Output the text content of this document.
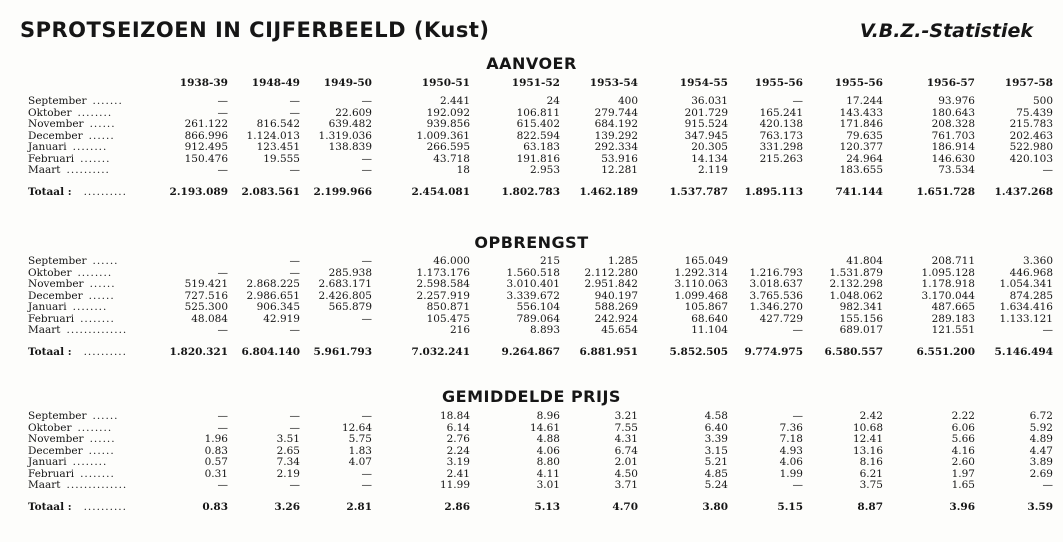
SPROTSEIZOEN IN CIJFERBEELD (Kust)	V.B.Z.-Statistiek
AANVOER
	1938-39	1948-49	1949-50	1950-51	1951-52	1953-54	1954-55	1955-56	1955-56	1956-57	1957-58

September .......	—	—	—	2.441	24	400	36.031	—	17.244	93.976	500
Oktober ........	—	—	22.609	192.092	106.811	279.744	201.729	165.241	143.433	180.643	75.439
November ......	261.122	816.542	639.482	939.856	615.402	684.192	915.524	420.138	171.846	208.328	215.783
December ......	866.996	1.124.013	1.319.036	1.009.361	822.594	139.292	347.945	763.173	79.635	761.703	202.463
Januari ........	912.495	123.451	138.839	266.595	63.183	292.334	20.305	331.298	120.377	186.914	522.980
Februari .......	150.476	19.555	—	43.718	191.816	53.916	14.134	215.263	24.964	146.630	420.103
Maart ..........	—	—	—	18	2.953	12.281	2.119		183.655	73.534	—
Totaal : ..........	2.193.089	2.083.561	2.199.966	2.454.081	1.802.783	1.462.189	1.537.787	1.895.113	741.144	1.651.728	1.437.268
OPBRENGST
September ......		—	—	46.000	215	1.285	165.049		41.804	208.711	3.360
Oktober ........	—	—	285.938	1.173.176	1.560.518	2.112.280	1.292.314	1.216.793	1.531.879	1.095.128	446.968
November ......	519.421	2.868.225	2.683.171	2.598.584	3.010.401	2.951.842	3.110.063	3.018.637	2.132.298	1.178.918	1.054.341
December ......	727.516	2.986.651	2.426.805	2.257.919	3.339.672	940.197	1.099.468	3.765.536	1.048.062	3.170.044	874.285
Januari ........	525.300	906.345	565.879	850.871	556.104	588.269	105.867	1.346.270	982.341	487.665	1.634.416
Februari ........	48.084	42.919	—	105.475	789.064	242.924	68.640	427.729	155.156	289.183	1.133.121
Maart ..............	—	—		216	8.893	45.654	11.104	—	689.017	121.551	—
Totaal : ..........	1.820.321	6.804.140	5.961.793	7.032.241	9.264.867	6.881.951	5.852.505	9.774.975	6.580.557	6.551.200	5.146.494
GEMIDDELDE PRIJS
September ......	—	—	—	18.84	8.96	3.21	4.58	—	2.42	2.22	6.72
Oktober ........	—	—	12.64	6.14	14.61	7.55	6.40	7.36	10.68	6.06	5.92
November ......	1.96	3.51	5.75	2.76	4.88	4.31	3.39	7.18	12.41	5.66	4.89
December ......	0.83	2.65	1.83	2.24	4.06	6.74	3.15	4.93	13.16	4.16	4.47
Januari ........	0.57	7.34	4.07	3.19	8.80	2.01	5.21	4.06	8.16	2.60	3.89
Februari ........	0.31	2.19	—	2.41	4.11	4.50	4.85	1.99	6.21	1.97	2.69
Maart ..............	—	—	—	11.99	3.01	3.71	5.24	—	3.75	1.65	—
Totaal : ..........	0.83	3.26	2.81	2.86	5.13	4.70	3.80	5.15	8.87	3.96	3.59
